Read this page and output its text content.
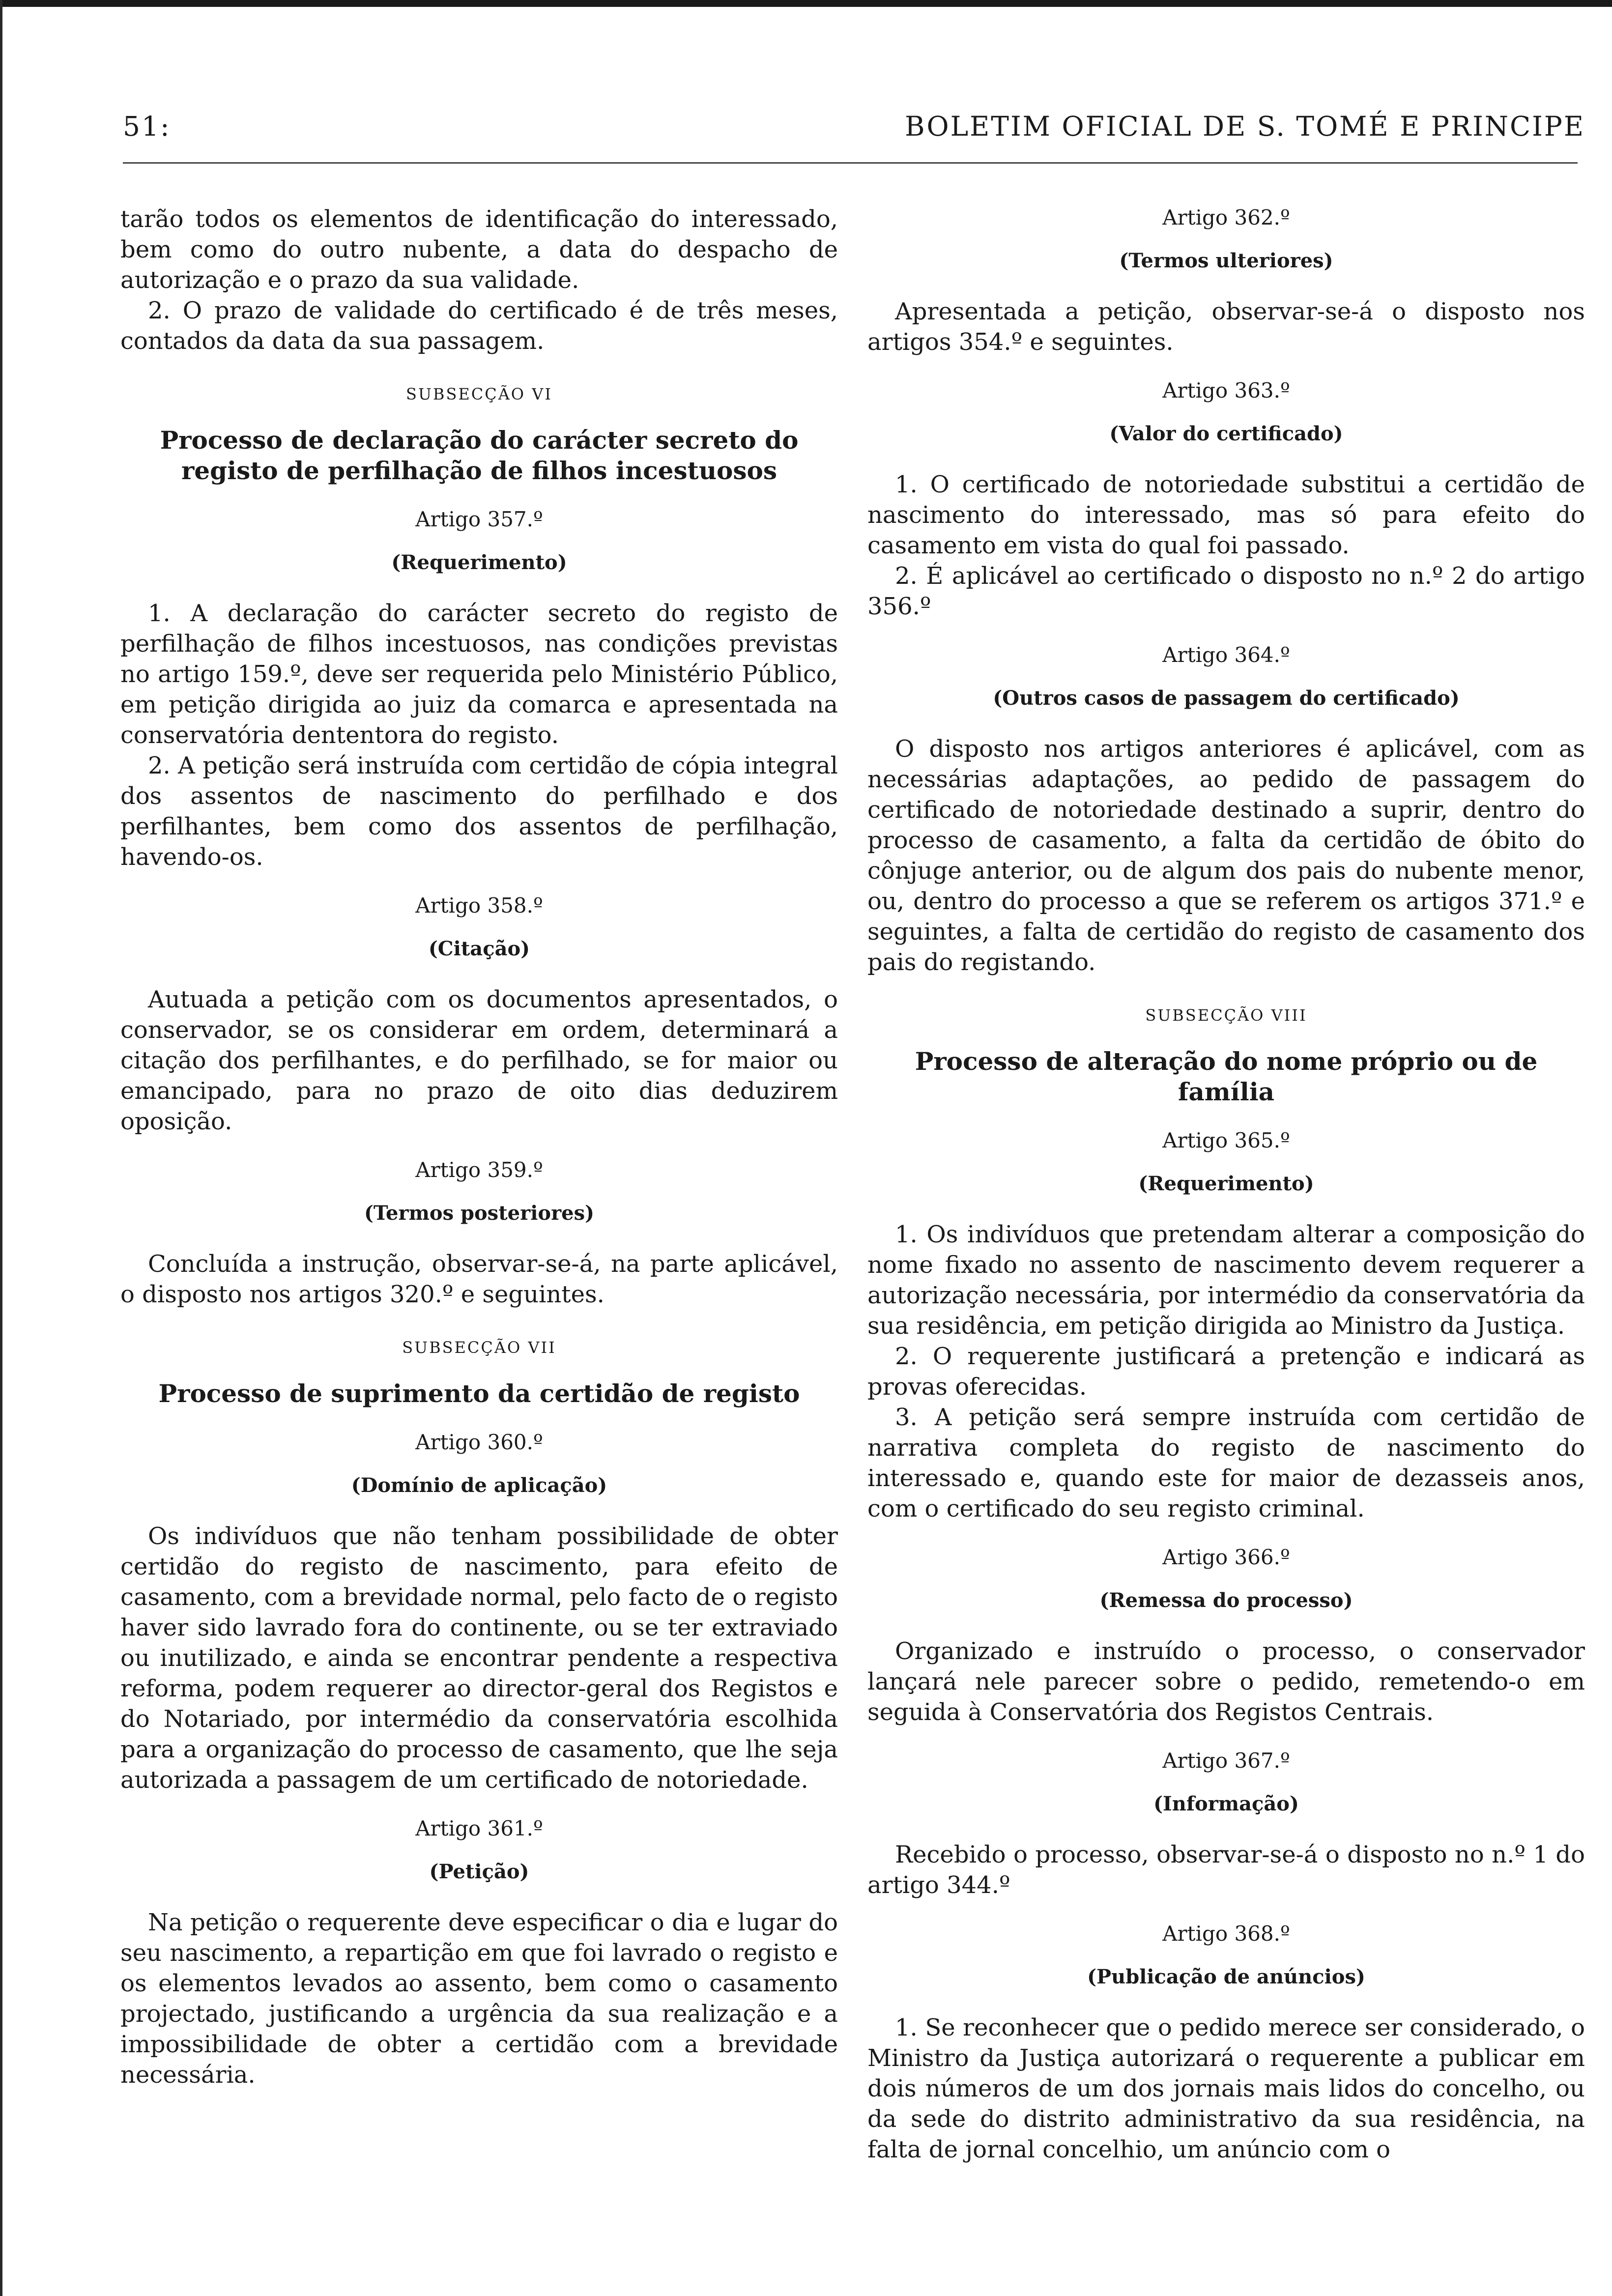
51:	BOLETIM OFICIAL DE S. TOMÉ E PRINCIPE

tarão todos os elementos de identificação do interessado, bem como do outro nubente, a data do despacho de autorização e o prazo da sua validade.

2. O prazo de validade do certificado é de três meses, contados da data da sua passagem.

SUBSECÇÃO VI
Processo de declaração do carácter secreto do registo de perfilhação de filhos incestuosos
Artigo 357.º
(Requerimento)

1. A declaração do carácter secreto do registo de perfilhação de filhos incestuosos, nas condições previstas no artigo 159.º, deve ser requerida pelo Ministério Público, em petição dirigida ao juiz da comarca e apresentada na conservatória dententora do registo.

2. A petição será instruída com certidão de cópia integral dos assentos de nascimento do perfilhado e dos perfilhantes, bem como dos assentos de perfilhação, havendo-os.

Artigo 358.º
(Citação)

Autuada a petição com os documentos apresentados, o conservador, se os considerar em ordem, determinará a citação dos perfilhantes, e do perfilhado, se for maior ou emancipado, para no prazo de oito dias deduzirem oposição.

Artigo 359.º
(Termos posteriores)

Concluída a instrução, observar-se-á, na parte aplicável, o disposto nos artigos 320.º e seguintes.

SUBSECÇÃO VII
Processo de suprimento da certidão de registo
Artigo 360.º
(Domínio de aplicação)

Os indivíduos que não tenham possibilidade de obter certidão do registo de nascimento, para efeito de casamento, com a brevidade normal, pelo facto de o registo haver sido lavrado fora do continente, ou se ter extraviado ou inutilizado, e ainda se encontrar pendente a respectiva reforma, podem requerer ao director-geral dos Registos e do Notariado, por intermédio da conservatória escolhida para a organização do processo de casamento, que lhe seja autorizada a passagem de um certificado de notoriedade.

Artigo 361.º
(Petição)

Na petição o requerente deve especificar o dia e lugar do seu nascimento, a repartição em que foi lavrado o registo e os elementos levados ao assento, bem como o casamento projectado, justificando a urgência da sua realização e a impossibilidade de obter a certidão com a brevidade necessária.

Artigo 362.º
(Termos ulteriores)

Apresentada a petição, observar-se-á o disposto nos artigos 354.º e seguintes.

Artigo 363.º
(Valor do certificado)

1. O certificado de notoriedade substitui a certidão de nascimento do interessado, mas só para efeito do casamento em vista do qual foi passado.

2. É aplicável ao certificado o disposto no n.º 2 do artigo 356.º

Artigo 364.º
(Outros casos de passagem do certificado)

O disposto nos artigos anteriores é aplicável, com as necessárias adaptações, ao pedido de passagem do certificado de notoriedade destinado a suprir, dentro do processo de casamento, a falta da certidão de óbito do cônjuge anterior, ou de algum dos pais do nubente menor, ou, dentro do processo a que se referem os artigos 371.º e seguintes, a falta de certidão do registo de casamento dos pais do registando.

SUBSECÇÃO VIII
Processo de alteração do nome próprio ou de família
Artigo 365.º
(Requerimento)

1. Os indivíduos que pretendam alterar a composição do nome fixado no assento de nascimento devem requerer a autorização necessária, por intermédio da conservatória da sua residência, em petição dirigida ao Ministro da Justiça.

2. O requerente justificará a pretenção e indicará as provas oferecidas.

3. A petição será sempre instruída com certidão de narrativa completa do registo de nascimento do interessado e, quando este for maior de dezasseis anos, com o certificado do seu registo criminal.

Artigo 366.º
(Remessa do processo)

Organizado e instruído o processo, o conservador lançará nele parecer sobre o pedido, remetendo-o em seguida à Conservatória dos Registos Centrais.

Artigo 367.º
(Informação)

Recebido o processo, observar-se-á o disposto no n.º 1 do artigo 344.º

Artigo 368.º
(Publicação de anúncios)

1. Se reconhecer que o pedido merece ser considerado, o Ministro da Justiça autorizará o requerente a publicar em dois números de um dos jornais mais lidos do concelho, ou da sede do distrito administrativo da sua residência, na falta de jornal concelhio, um anúncio com o
